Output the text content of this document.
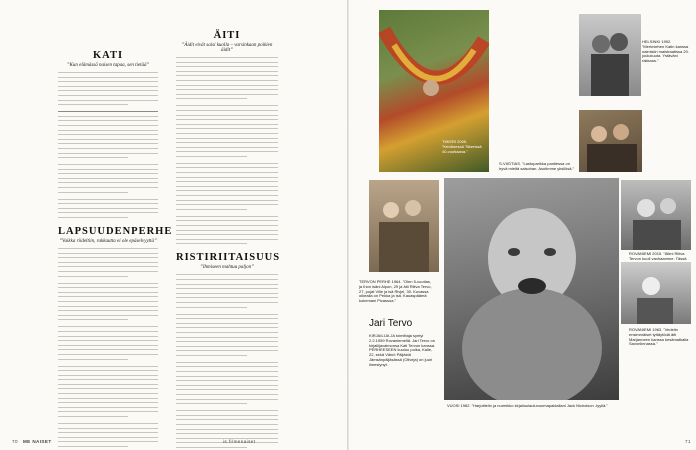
KATI
”Kun elämässä naisen tapaa, sen tietää”
LAPSUUDENPERHE
”Vaikka riideltiin, rakkautta ei ole epäselvyyttä”
ÄITI
”Äidit eivät saisi kuolla – varsinkaan poikien äidit”
RISTIRIITAISUUS
”Ihmiseen mahtuu paljon”
70 ME NAISET	is.fi/menaiset
TIIKERI 2005. ”Keväisessä Tiikerissä 40-vuotiaana.”
HELSINKI 1992. ”Merimiehen Katin kanssa naimisiin maistraatissa 20. joulukuuta. Ystäväni rakkaus.”
S-VIIGTIAS. ”Lastoparikka pantiessa on hyvä mieltä saisohan. Asutimme yksilösä.”
ROVANIEMI 2015. ”Äitini Riitva Tervon kuoli vanhaamme. Tässä
TERVON PERHE 1964. ”Olen 5-vuotias, ja Ihon isäni Alpon, 29 ja äiti Riitva Tervo, 27, pojat Ville ja isä Rivjel, 30. Kuvassa oikealla on Pekka ja isä. Kauaspäämä kokemani Picassoa.”
ROVANIEMI 1963. ”Vedelin ensimmäiset tyttäytödä äiti Marjanneen kanssa kesämatkalla Savonlinnassa.”
Jari Tervo
KIRJAILIJA JA toimittaja syntyi 2.2.1959 Rovaniemellä. Jari Tervo on kirjailijavaimonsa Kati Tervon kanssa. PERHEESEEN kuuluu poika, Kalle, 22, sekä Väinö Päijästä Jämsänpäijäsässä (Oliveja) on juuri ilmestynyt.
VUOSI 1982. ”Harjoittelin ja nurmikko kirjailuulaulunoomapaidallani Jack Nicholson -tyyliä.”
71
